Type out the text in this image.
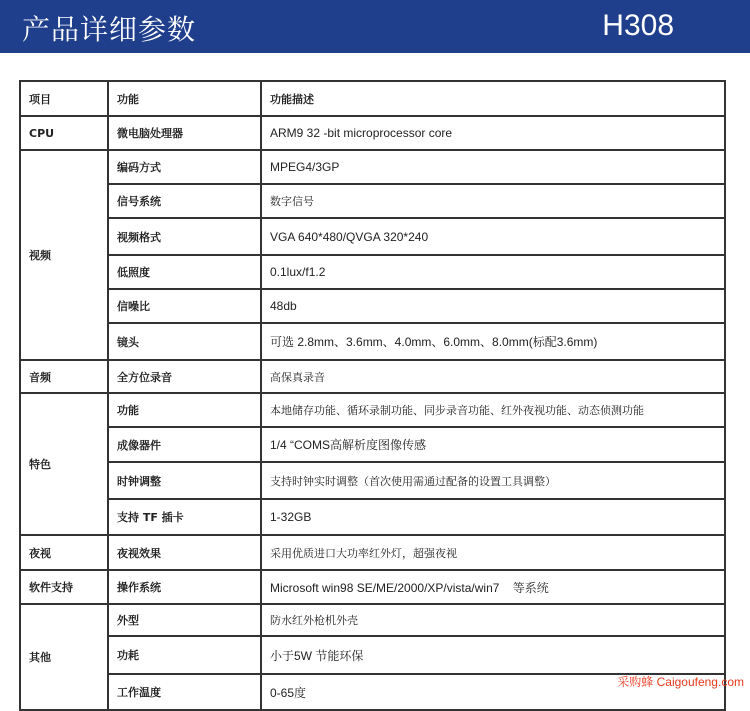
产品详细参数	H308
项目	功能	功能描述
CPU	微电脑处理器	ARM9 32 -bit microprocessor core
视频	编码方式	MPEG4/3GP
	信号系统	数字信号
	视频格式	VGA 640*480/QVGA 320*240
	低照度	0.1lux/f1.2
	信噪比	48db
	镜头	可选 2.8mm、3.6mm、4.0mm、6.0mm、8.0mm(标配3.6mm)
音频	全方位录音	高保真录音
特色	功能	本地储存功能、循环录制功能、同步录音功能、红外夜视功能、动态侦测功能
	成像器件	1/4 “COMS高解析度图像传感
	时钟调整	支持时钟实时调整（首次使用需通过配备的设置工具调整）
	支持 TF 插卡	1-32GB
夜视	夜视效果	采用优质进口大功率红外灯，超强夜视
软件支持	操作系统	Microsoft win98 SE/ME/2000/XP/vista/win7    等系统
其他	外型	防水红外枪机外壳
	功耗	小于5W 节能环保
	工作温度	0-65度
采购蜂 Caigoufeng.com
